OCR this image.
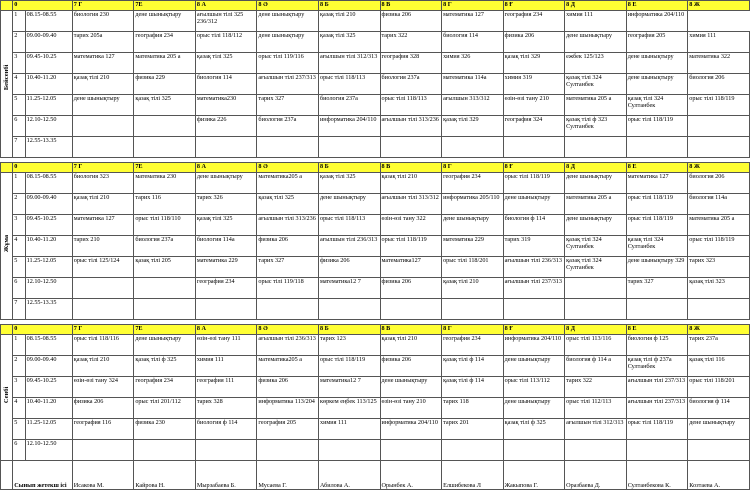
	0		7 Г	7Е	8 А	8 Ә	8 Б	8 В	8 Г	8 Ғ	8 Д	8 Е	8 Ж

Бейсенбі	1	08.15-08.55	биология 230	дене шынықтыру	ағылшын тілі 325 236/312	дене шынықтыру	қазақ тілі 210	физика 206	математика 127	география 234	химия 111	информатика 204/110	
	2	09.00-09.40	тарих 205а	география 234	орыс тілі 118/112	дене шынықтыру	қазақ тілі 325	тарих 322	биология 114	физика 206	дене шынықтыру	география 205	химия 111
	3	09.45-10.25	математика 127	математика 205 а	қазақ тілі 325	орыс тілі 119/116	ағылшын тілі 312/313	география 328	химия 326	қазақ тілі 329	ежбек 125/123	дене шынықтыру	математика 322
	4	10.40-11.20	қазақ тілі 210	физика 229	биология 114	ағылшын тілі 237/313	орыс тілі 118/113	биология 237а	математика 114а	химия 319	қазақ тілі 324 Султанбек	дене шынықтыру	биология 206
	5	11.25-12.05	дене шынықтыру	қазақ тілі 325	математика230	тарих 327	биология 237а	орыс тілі 118/113	ағылшын 313/312	өзін-өзі тану 210	математика 205 а	қазақ тілі 324 Султанбек	орыс тілі 118/119
	6	12.10-12.50			физика 226	биология 237а	информатика 204/110	ағылшын тілі 313/236	қазақ тілі 329	география 324	қазақ тілі ф 323 Султанбек	орыс тілі 118/119	
	7	12.55-13.35											

	0		7 Г	7Е	8 А	8 Ә	8 Б	8 В	8 Г	8 Ғ	8 Д	8 Е	8 Ж

Жұма	1	08.15-08.55	биология 323	математика 230	дене шынықтыру	математика205 а	қазақ тілі 325	қазақ тілі 210	география 234	орыс тілі 118/119	дене шынықтыру	математика 127	биология 206
	2	09.00-09.40	қазақ тілі 210	тарих 116	тарих 326	қазақ тілі 325	дене шынықтыру	ағылшын тілі 313/312	информатика 205/110	дене шынықтыру	математика 205 а	орыс тілі 118/119	биология 114а
	3	09.45-10.25	математика 127	орыс тілі 118/110	қазақ тілі 325	ағылшын тілі 313/236	орыс тілі 118/113	өзін-өзі тану 322	дене шынықтыру	биология ф 114	дене шынықтыру	орыс тілі 118/119	математика 205 а
	4	10.40-11.20	тарих 210	биология 237а	биология 114а	физика 206	ағылшын тілі 236/313	орыс тілі 118/119	математика 229	тарих 319	қазақ тілі 324 Султанбек	қазақ тілі 324 Султанбек	орыс тілі 118/119
	5	11.25-12.05	орыс тілі 125/124	қазақ тілі 205	математика 229	тарих 327	физика 206	математика127	орыс тілі 118/201	ағылшын тілі 236/313	қазақ тілі 324 Султанбек	дене шынықтыру 329	тарих 323
	6	12.10-12.50			география 234	орыс тілі 119/118	математика12 7	физика 206	қазақ тілі 210	ағылшын тілі 237/313		тарих 327	қазақ тілі 323
	7	12.55-13.35											

	0		7 Г	7Е	8 А	8 Ә	8 Б	8 В	8 Г	8 Ғ	8 Д	8 Е	8 Ж

Сенбі	1	08.15-08.55	орыс тілі 118/116	дене шынықтыру	өзін-өзі тану 111	ағылшын тілі 236/313	тарих 123	қазақ тілі 210	география 234	информатика 204/110	орыс тілі 113/116	биология ф 125	тарих 237а
	2	09.00-09.40	қазақ тілі 210	қазақ тілі ф 325	химия 111	математика205 а	орыс тілі 118/119	физика 206	қазақ тілі ф 114	дене шынықтыру	биология ф 114 а	қазақ тілі ф 237а Султанбек	қазақ тілі 116
	3	09.45-10.25	өзін-өзі тану 324	география 234	география 111	физика 206	математика12 7	дене шынықтыру	қазақ тілі ф 114	орыс тілі 113/112	тарих 322	ағылшын тілі 237/313	орыс тілі 118/201
	4	10.40-11.20	физика 206	орыс тілі 201/112	тарих 328	информатика 113/204	көркем еңбек 113/125	өзін-өзі тану 210	тарих 118	дене шынықтыру	орыс тілі 112/113	ағылшын тілі 237/313	биология ф 114
	5	11.25-12.05	география 116	физика 230	биология ф 114	география 205	химия 111	информатика 204/110	тарих 201	қазақ тілі ф 325	ағылшын тілі 312/313	орыс тілі 118/119	дене шынықтыру
	6	12.10-12.50											
	Сынып жетекш ісі		Исаковa М.	Кайрова Н.	Мырзабаева Б.	Мусаева Г.	Абилова А.	Орынбек А.	Елшибекова Л	Жакыпова Г.	Оразбаева Д.	Султанбекова К.	Козтаева А.
